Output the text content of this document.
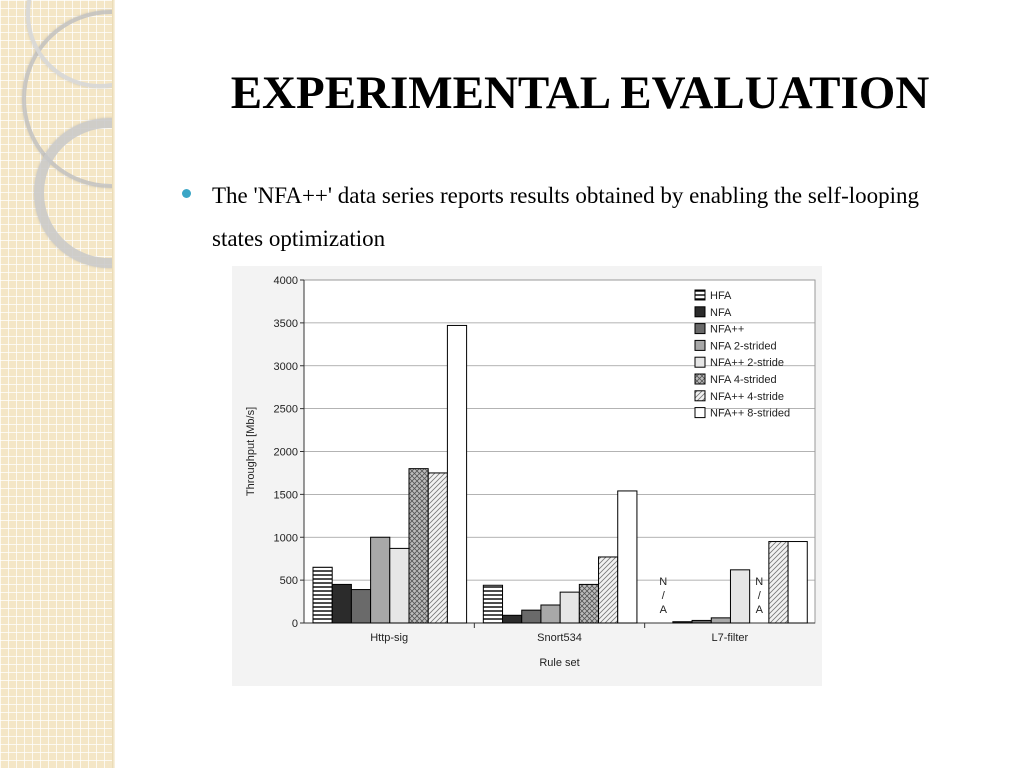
EXPERIMENTAL EVALUATION
The 'NFA++' data series reports results obtained by enabling the self-looping states optimization
0
500
1000
1500
2000
2500
3000
3500
4000
Http-sig	Snort534	L7-filter
N
/
A
N
/
A
Rule set
Throughput [Mb/s]
HFA
NFA
NFA++
NFA 2-strided
NFA++ 2-stride
NFA 4-strided
NFA++ 4-stride
NFA++ 8-strided
